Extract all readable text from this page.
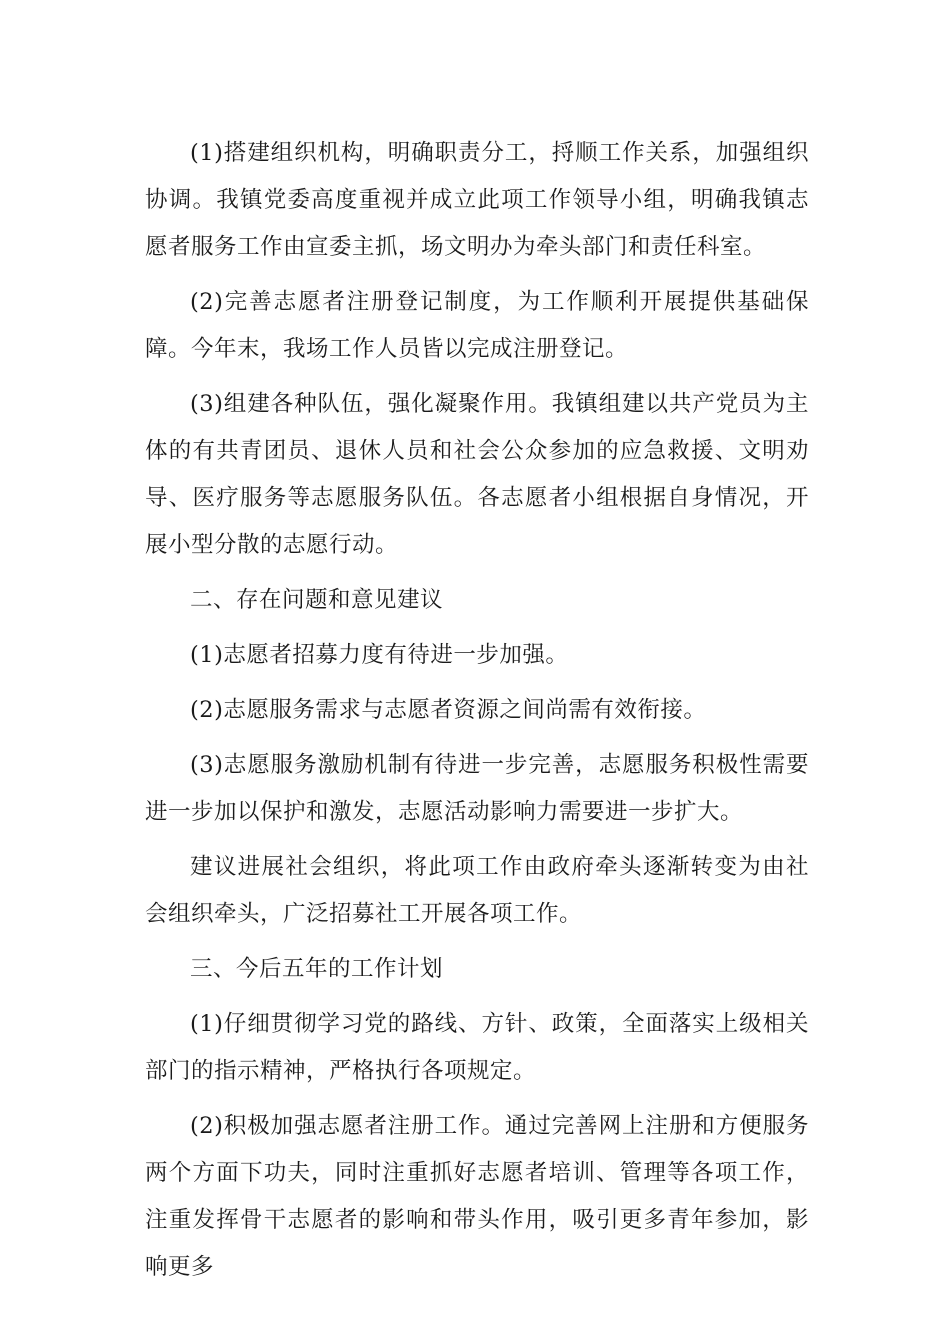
(1)搭建组织机构，明确职责分工，捋顺工作关系，加强组织协调。我镇党委高度重视并成立此项工作领导小组，明确我镇志愿者服务工作由宣委主抓，场文明办为牵头部门和责任科室。

(2)完善志愿者注册登记制度，为工作顺利开展提供基础保障。今年末，我场工作人员皆以完成注册登记。

(3)组建各种队伍，强化凝聚作用。我镇组建以共产党员为主体的有共青团员、退休人员和社会公众参加的应急救援、文明劝导、医疗服务等志愿服务队伍。各志愿者小组根据自身情况，开展小型分散的志愿行动。

二、存在问题和意见建议

(1)志愿者招募力度有待进一步加强。

(2)志愿服务需求与志愿者资源之间尚需有效衔接。

(3)志愿服务激励机制有待进一步完善，志愿服务积极性需要进一步加以保护和激发，志愿活动影响力需要进一步扩大。

建议进展社会组织，将此项工作由政府牵头逐渐转变为由社会组织牵头，广泛招募社工开展各项工作。

三、今后五年的工作计划

(1)仔细贯彻学习党的路线、方针、政策，全面落实上级相关部门的指示精神，严格执行各项规定。

(2)积极加强志愿者注册工作。通过完善网上注册和方便服务两个方面下功夫，同时注重抓好志愿者培训、管理等各项工作，注重发挥骨干志愿者的影响和带头作用，吸引更多青年参加，影响更多
